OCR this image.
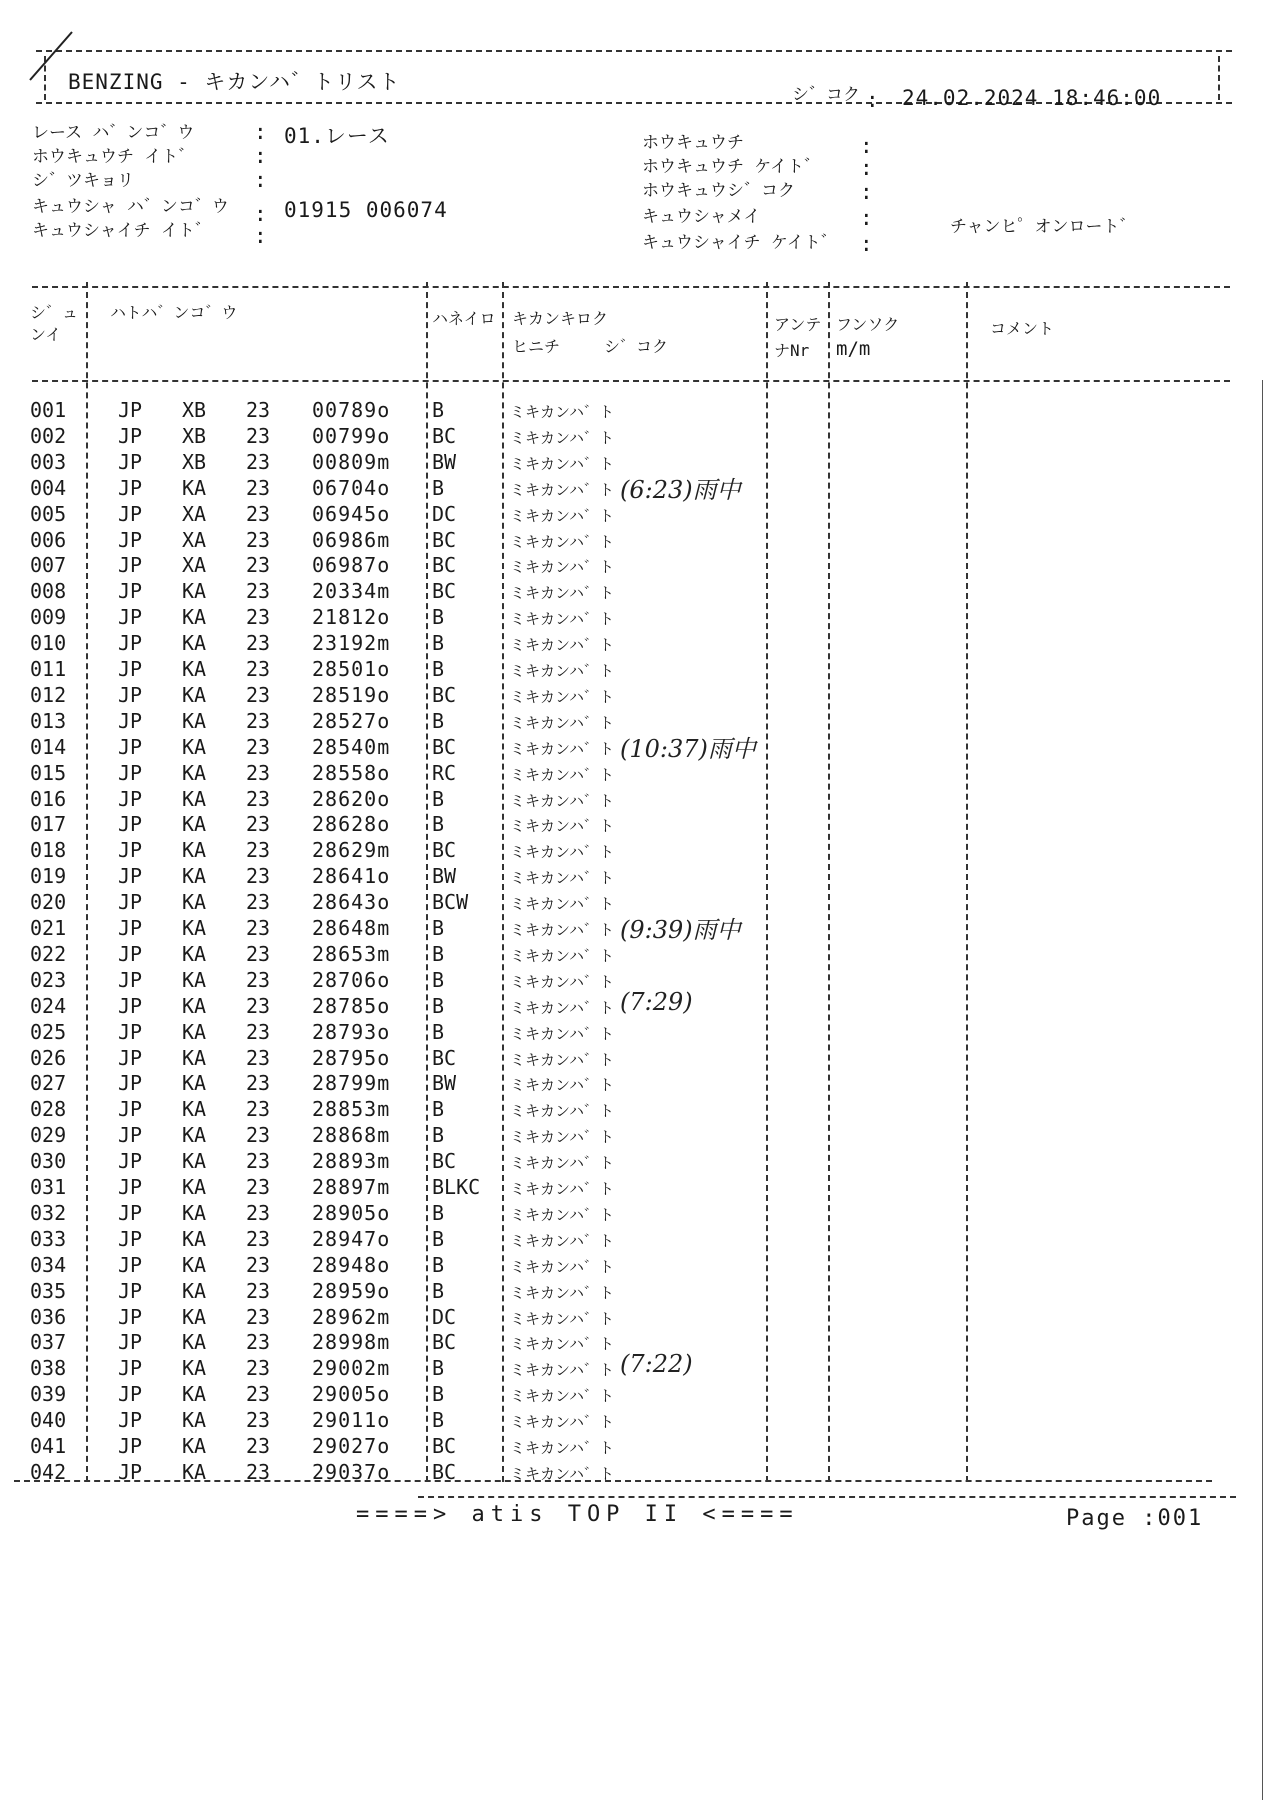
BENZING - キカンハ゛トリスト
シ゛コク : 24.02.2024 18:46:00
レース ハ゛ンコ゛ウ	: 01.レース
ホウキュウチ イト゛	:
シ゛ツキョリ	:
キュウシャ ハ゛ンコ゛ウ : 01915 006074
キュウシャイチ イト゛ :
ホウキュウチ	:
ホウキュウチ ケイト゛ :
ホウキュウシ゛コク	:
キュウシャメイ	:	チャンヒ゜オンロート゛
キュウシャイチ ケイト゛ :
シ゛ュ
ンイ
ハトハ゛ンコ゛ウ	ハネイロ キカンキロク
ヒニチ	シ゛コク
アンテ
ナNr
フンソク
m/m
コメント
001	JP XB 23 00789o B	ミキカンハ゛ト
002	JP XB 23 00799o BC	ミキカンハ゛ト
003	JP XB 23 00809m BW	ミキカンハ゛ト
004	JP KA 23 06704o B	ミキカンハ゛ト (6:23)雨中
005	JP XA 23 06945o DC	ミキカンハ゛ト
006	JP XA 23 06986m BC	ミキカンハ゛ト
007	JP XA 23 06987o BC	ミキカンハ゛ト
008	JP KA 23 20334m BC	ミキカンハ゛ト
009	JP KA 23 21812o B	ミキカンハ゛ト
010	JP KA 23 23192m B	ミキカンハ゛ト
011	JP KA 23 28501o B	ミキカンハ゛ト
012	JP KA 23 28519o BC	ミキカンハ゛ト
013	JP KA 23 28527o B	ミキカンハ゛ト
014	JP KA 23 28540m BC	ミキカンハ゛ト (10:37)雨中
015	JP KA 23 28558o RC	ミキカンハ゛ト
016	JP KA 23 28620o B	ミキカンハ゛ト
017	JP KA 23 28628o B	ミキカンハ゛ト
018	JP KA 23 28629m BC	ミキカンハ゛ト
019	JP KA 23 28641o BW	ミキカンハ゛ト
020	JP KA 23 28643o BCW	ミキカンハ゛ト
021	JP KA 23 28648m B	ミキカンハ゛ト (9:39)雨中
022	JP KA 23 28653m B	ミキカンハ゛ト
023	JP KA 23 28706o B	ミキカンハ゛ト
024	JP KA 23 28785o B	ミキカンハ゛ト (7:29)
025	JP KA 23 28793o B	ミキカンハ゛ト
026	JP KA 23 28795o BC	ミキカンハ゛ト
027	JP KA 23 28799m BW	ミキカンハ゛ト
028	JP KA 23 28853m B	ミキカンハ゛ト
029	JP KA 23 28868m B	ミキカンハ゛ト
030	JP KA 23 28893m BC	ミキカンハ゛ト
031	JP KA 23 28897m BLKC ミキカンハ゛ト
032	JP KA 23 28905o B	ミキカンハ゛ト
033	JP KA 23 28947o B	ミキカンハ゛ト
034	JP KA 23 28948o B	ミキカンハ゛ト
035	JP KA 23 28959o B	ミキカンハ゛ト
036	JP KA 23 28962m DC	ミキカンハ゛ト
037	JP KA 23 28998m BC	ミキカンハ゛ト
038	JP KA 23 29002m B	ミキカンハ゛ト (7:22)
039	JP KA 23 29005o B	ミキカンハ゛ト
040	JP KA 23 29011o B	ミキカンハ゛ト
041	JP KA 23 29027o BC	ミキカンハ゛ト
042	JP KA 23 29037o BC	ミキカンハ゛ト
====> atis TOP II <====	Page :001
